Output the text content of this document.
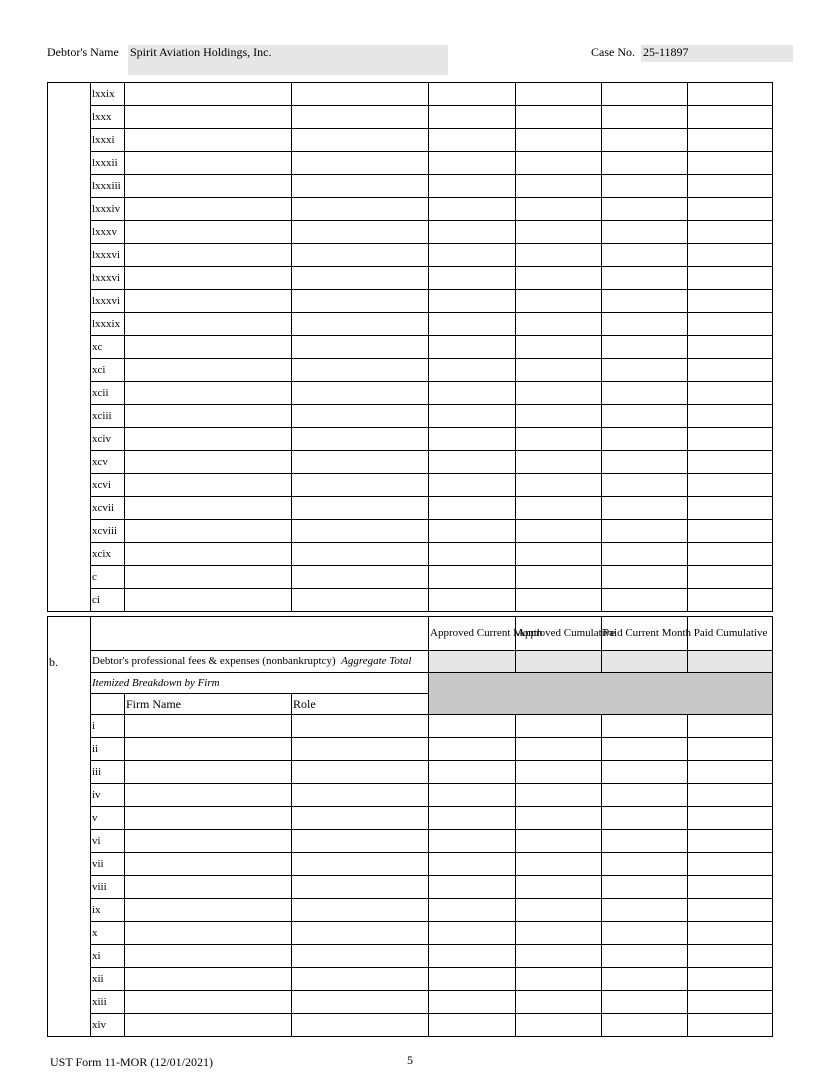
Debtor's Name Spirit Aviation Holdings, Inc.	Case No. 25-11897
	lxxix						
	lxxx						
	lxxxi						
	lxxxii						
	lxxxiii						
	lxxxiv						
	lxxxv						
	lxxxvi						
	lxxxvi						
	lxxxvi						
	lxxxix						
	xc						
	xci						
	xcii						
	xciii						
	xciv						
	xcv						
	xcvi						
	xcvii						
	xcviii						
	xcix						
	c						
	ci						
				Approved Current Month	Approved Cumulative	Paid Current Month	Paid Cumulative
b.	Debtor's professional fees & expenses (nonbankruptcy) Aggregate Total						
	Itemized Breakdown by Firm						
		Firm Name	Role				
	i						
	ii						
	iii						
	iv						
	v						
	vi						
	vii						
	viii						
	ix						
	x						
	xi						
	xii						
	xiii						
	xiv						
UST Form 11-MOR (12/01/2021)	5
